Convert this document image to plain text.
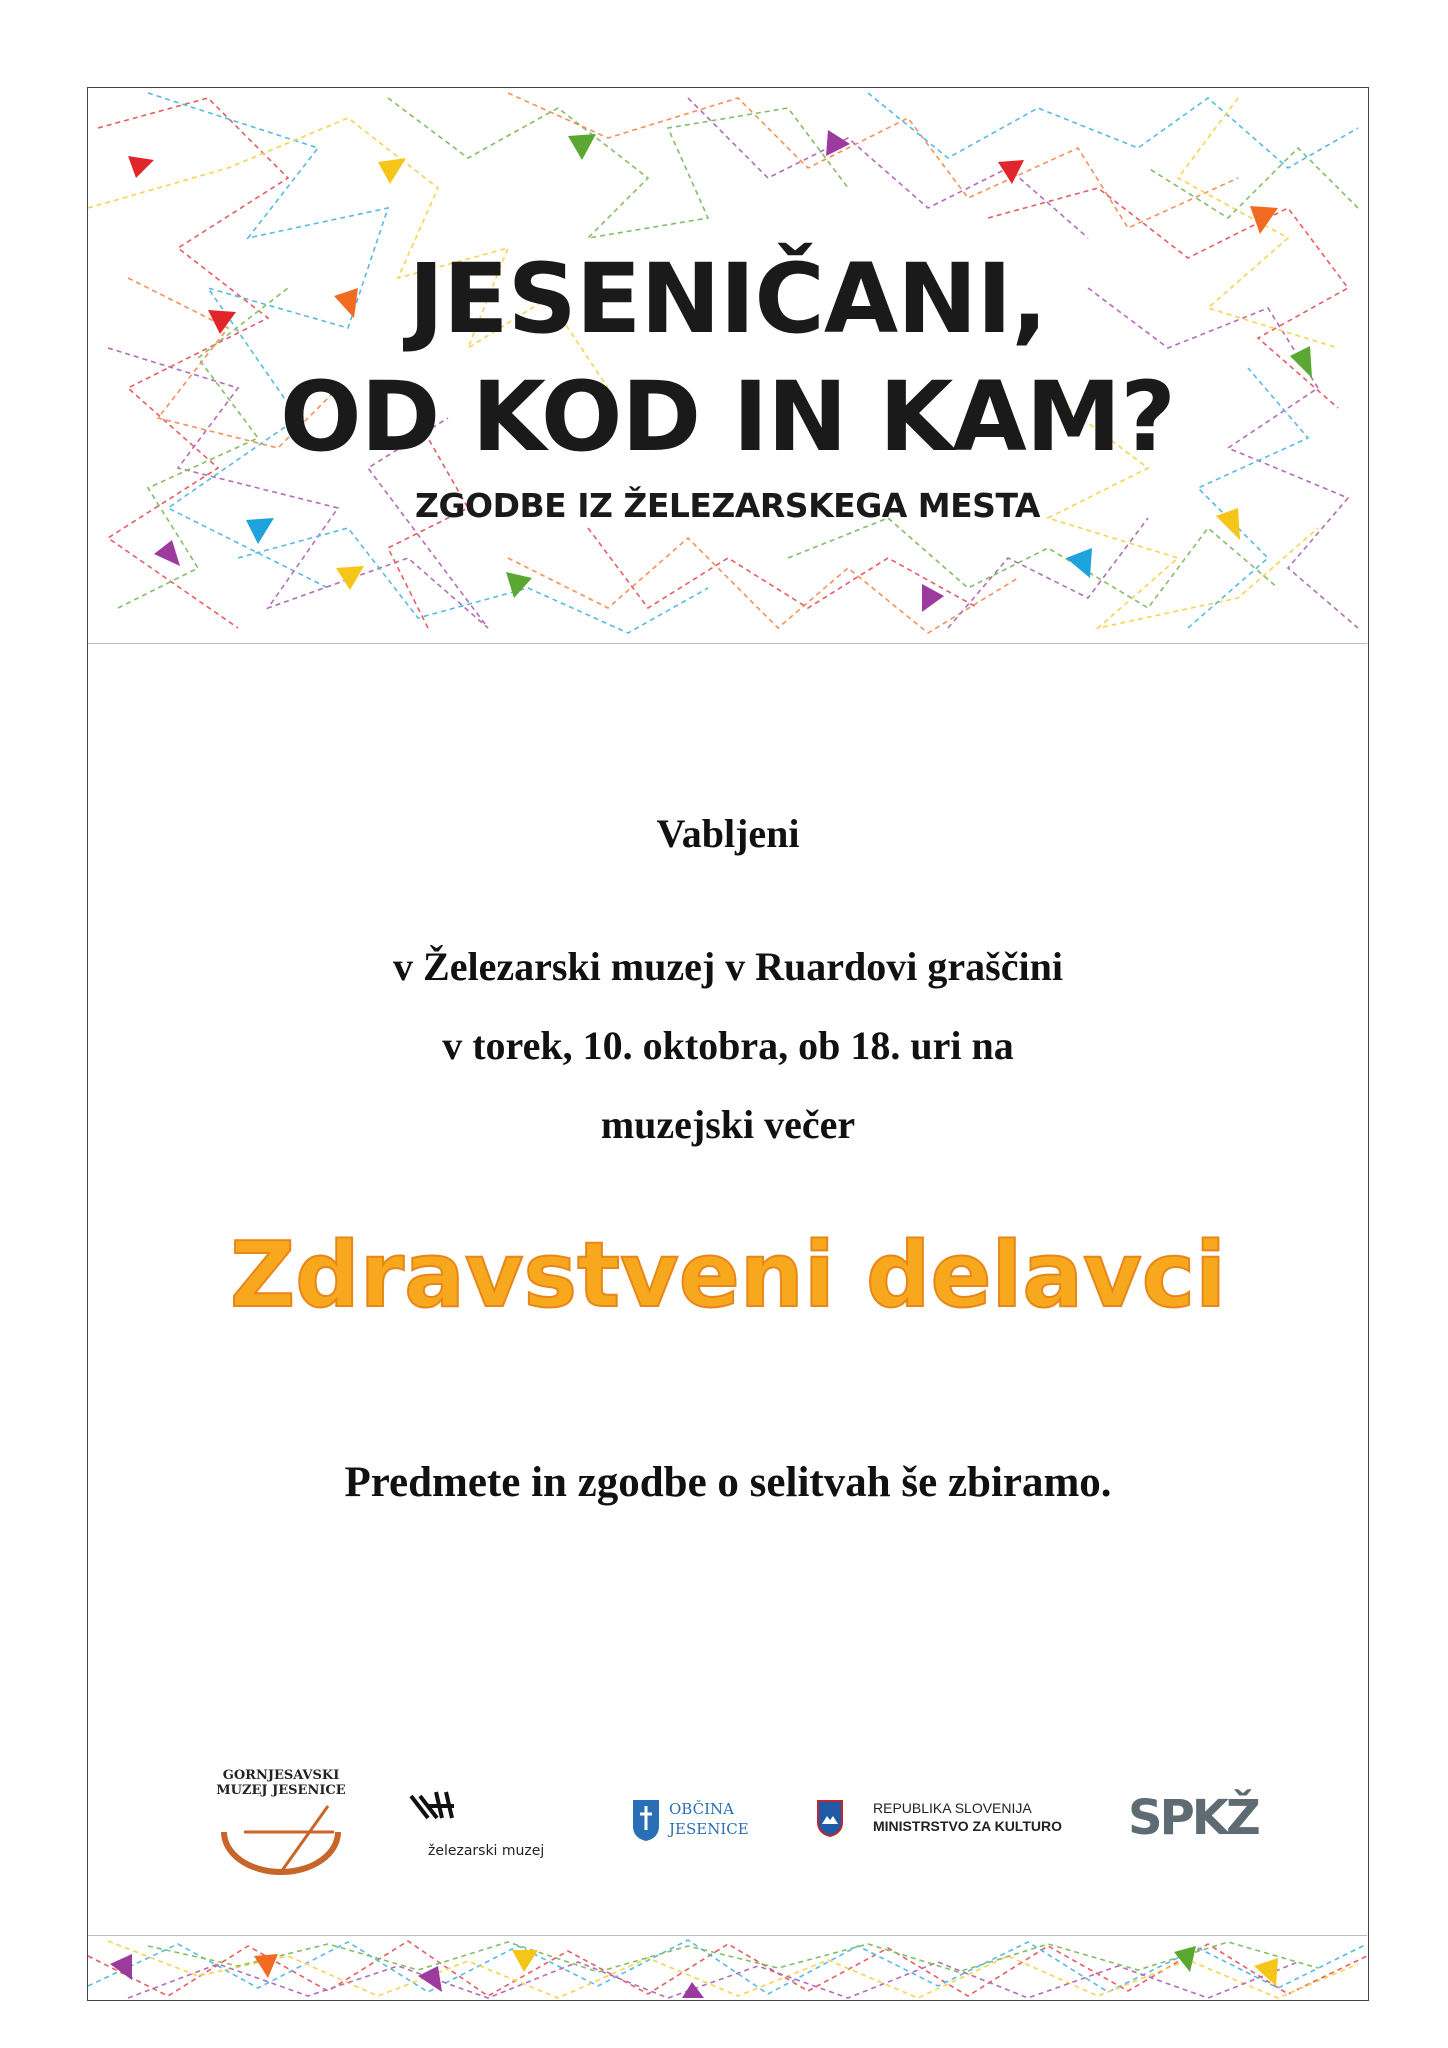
JESENIČANI,
OD KOD IN KAM?
ZGODBE IZ ŽELEZARSKEGA MESTA
Vabljeni
v Železarski muzej v Ruardovi graščini
v torek, 10. oktobra, ob 18. uri na
muzejski večer
Zdravstveni delavci
Predmete in zgodbe o selitvah še zbiramo.
GORNJESAVSKI
MUZEJ JESENICE
železarski muzej
OBČINA
JESENICE
REPUBLIKA SLOVENIJA
MINISTRSTVO ZA KULTURO SPKŽ
